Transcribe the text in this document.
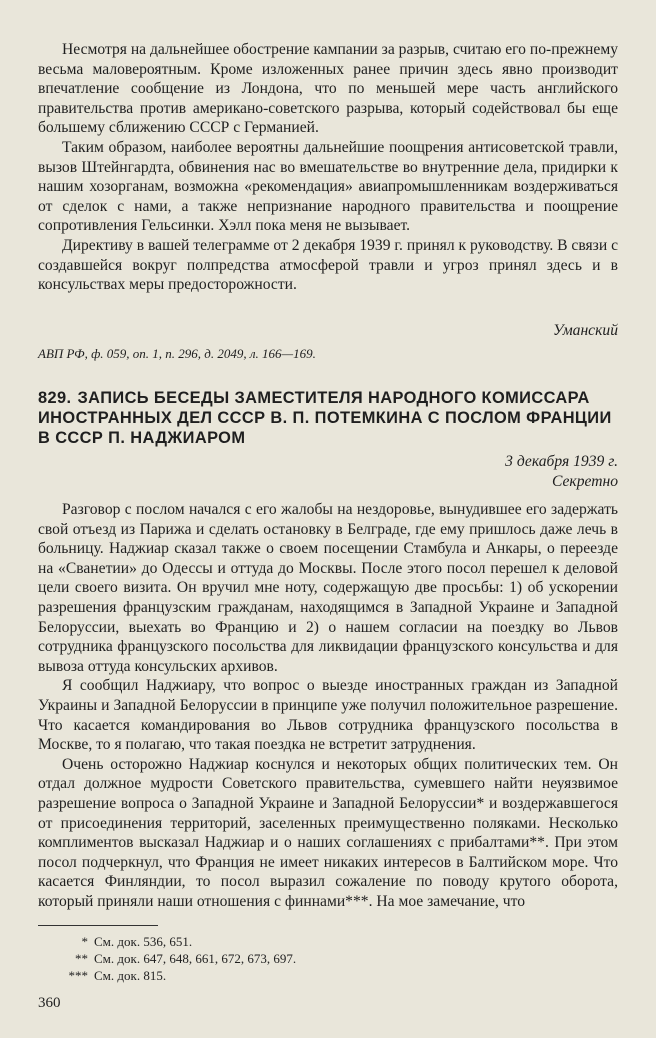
Несмотря на дальнейшее обострение кампании за разрыв, считаю его по-прежнему весьма маловероятным. Кроме изложенных ранее причин здесь явно производит впечатление сообщение из Лондона, что по меньшей мере часть английского правительства против американо-советского разрыва, который содействовал бы еще большему сближению СССР с Германией.

Таким образом, наиболее вероятны дальнейшие поощрения антисоветской травли, вызов Штейнгардта, обвинения нас во вмешательстве во внутренние дела, придирки к нашим хозорганам, возможна «рекомендация» авиапромышленникам воздерживаться от сделок с нами, а также непризнание народного правительства и поощрение сопротивления Гельсинки. Хэлл пока меня не вызывает.

Директиву в вашей телеграмме от 2 декабря 1939 г. принял к руководству. В связи с создавшейся вокруг полпредства атмосферой травли и угроз принял здесь и в консульствах меры предосторожности.

Уманский
АВП РФ, ф. 059, оп. 1, п. 296, д. 2049, л. 166—169.
829. ЗАПИСЬ БЕСЕДЫ ЗАМЕСТИТЕЛЯ НАРОДНОГО КОМИССАРА ИНОСТРАННЫХ ДЕЛ СССР В. П. ПОТЕМКИНА С ПОСЛОМ ФРАНЦИИ В СССР П. НАДЖИАРОМ
3 декабря 1939 г.
Секретно

Разговор с послом начался с его жалобы на нездоровье, вынудившее его задержать свой отъезд из Парижа и сделать остановку в Белграде, где ему пришлось даже лечь в больницу. Наджиар сказал также о своем посещении Стамбула и Анкары, о переезде на «Сванетии» до Одессы и оттуда до Москвы. После этого посол перешел к деловой цели своего визита. Он вручил мне ноту, содержащую две просьбы: 1) об ускорении разрешения французским гражданам, находящимся в Западной Украине и Западной Белоруссии, выехать во Францию и 2) о нашем согласии на поездку во Львов сотрудника французского посольства для ликвидации французского консульства и для вывоза оттуда консульских архивов.

Я сообщил Наджиару, что вопрос о выезде иностранных граждан из Западной Украины и Западной Белоруссии в принципе уже получил положительное разрешение. Что касается командирования во Львов сотрудника французского посольства в Москве, то я полагаю, что такая поездка не встретит затруднения.

Очень осторожно Наджиар коснулся и некоторых общих политических тем. Он отдал должное мудрости Советского правительства, сумевшего найти неуязвимое разрешение вопроса о Западной Украине и Западной Белоруссии* и воздержавшегося от присоединения территорий, заселенных преимущественно поляками. Несколько комплиментов высказал Наджиар и о наших соглашениях с прибалтами**. При этом посол подчеркнул, что Франция не имеет никаких интересов в Балтийском море. Что касается Финляндии, то посол выразил сожаление по поводу крутого оборота, который приняли наши отношения с финнами***. На мое замечание, что

* См. док. 536, 651.
** См. док. 647, 648, 661, 672, 673, 697.
*** См. док. 815.
360
